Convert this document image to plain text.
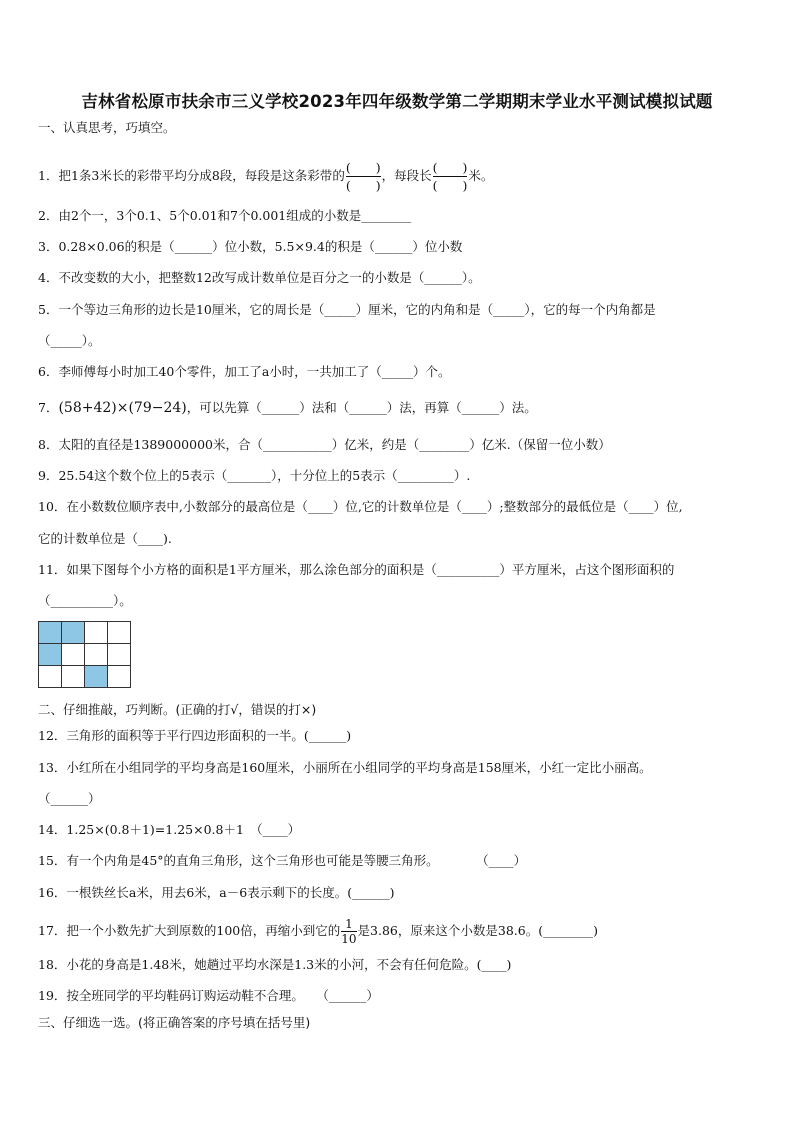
吉林省松原市扶余市三义学校2023年四年级数学第二学期期末学业水平测试模拟试题
一、认真思考，巧填空。
1．把1条3米长的彩带平均分成8段，每段是这条彩带的 $\frac{( )}{( )}$ ，每段长 $\frac{( )}{( )}$ 米。
2．由2个一，3个0.1、5个0.01和7个0.001组成的小数是________
3．0.28×0.06的积是（______）位小数，5.5×9.4的积是（______）位小数
4．不改变数的大小，把整数12改写成计数单位是百分之一的小数是（______）。
5．一个等边三角形的边长是10厘米，它的周长是（_____）厘米，它的内角和是（_____），它的每一个内角都是
（_____）。
6．李师傅每小时加工40个零件，加工了a小时，一共加工了（_____）个。
7．(58+42)×(79−24)，可以先算（______）法和（______）法，再算（______）法。
8．太阳的直径是1389000000米，合（___________）亿米，约是（________）亿米.（保留一位小数）
9．25.54这个数个位上的5表示（_______），十分位上的5表示（_________）.
10．在小数数位顺序表中,小数部分的最高位是（____）位,它的计数单位是（____）;整数部分的最低位是（____）位,
它的计数单位是（____).
11．如果下图每个小方格的面积是1平方厘米，那么涂色部分的面积是（__________）平方厘米，占这个图形面积的
（__________）。

二、仔细推敲，巧判断。(正确的打√，错误的打×)
12．三角形的面积等于平行四边形面积的一半。(______)
13．小红所在小组同学的平均身高是160厘米，小丽所在小组同学的平均身高是158厘米，小红一定比小丽高。
（______）
14．1.25×(0.8＋1)=1.25×0.8＋1　（____）
15．有一个内角是45°的直角三角形，这个三角形也可能是等腰三角形。　　　　（____）
16．一根铁丝长a米，用去6米，a－6表示剩下的长度。(______)
17．把一个小数先扩大到原数的100倍，再缩小到它的 $\frac{1}{10}$ 是3.86，原来这个小数是38.6。(________)
18．小花的身高是1.48米，她趟过平均水深是1.3米的小河，不会有任何危险。(____)
19．按全班同学的平均鞋码订购运动鞋不合理。　　（______）
三、仔细选一选。(将正确答案的序号填在括号里)
